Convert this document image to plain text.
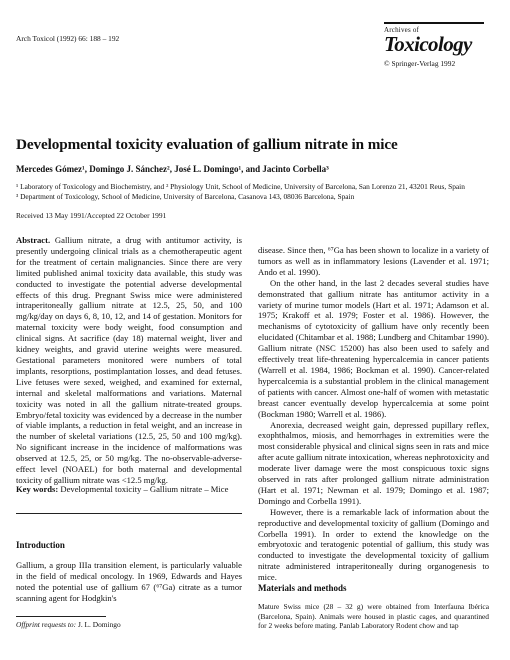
Arch Toxicol (1992) 66: 188 – 192
Archives of
Toxicology
© Springer-Verlag 1992
Developmental toxicity evaluation of gallium nitrate in mice
Mercedes Gómez¹, Domingo J. Sánchez², José L. Domingo¹, and Jacinto Corbella³

¹ Laboratory of Toxicology and Biochemistry, and ² Physiology Unit, School of Medicine, University of Barcelona, San Lorenzo 21, 43201 Reus, Spain

³ Department of Toxicology, School of Medicine, University of Barcelona, Casanova 143, 08036 Barcelona, Spain

Received 13 May 1991/Accepted 22 October 1991

Abstract. Gallium nitrate, a drug with antitumor activity, is presently undergoing clinical trials as a chemotherapeutic agent for the treatment of certain malignancies. Since there are very limited published animal toxicity data available, this study was conducted to investigate the potential adverse developmental effects of this drug. Pregnant Swiss mice were administered intraperitoneally gallium nitrate at 12.5, 25, 50, and 100 mg/kg/day on days 6, 8, 10, 12, and 14 of gestation. Monitors for maternal toxicity were body weight, food consumption and clinical signs. At sacrifice (day 18) maternal weight, liver and kidney weights, and gravid uterine weights were measured. Gestational parameters monitored were numbers of total implants, resorptions, postimplantation losses, and dead fetuses. Live fetuses were sexed, weighed, and examined for external, internal and skeletal malformations and variations. Maternal toxicity was noted in all the gallium nitrate-treated groups. Embryo/fetal toxicity was evidenced by a decrease in the number of viable implants, a reduction in fetal weight, and an increase in the number of skeletal variations (12.5, 25, 50 and 100 mg/kg). No significant increase in the incidence of malformations was observed at 12.5, 25, or 50 mg/kg. The no-observable-adverse-effect level (NOAEL) for both maternal and developmental toxicity of gallium nitrate was <12.5 mg/kg.

Key words: Developmental toxicity – Gallium nitrate – Mice

Introduction
Gallium, a group IIIa transition element, is particularly valuable in the field of medical oncology. In 1969, Edwards and Hayes noted the potential use of gallium 67 (⁶⁷Ga) citrate as a tumor scanning agent for Hodgkin's
Offprint requests to: J. L. Domingo

disease. Since then, ⁶⁷Ga has been shown to localize in a variety of tumors as well as in inflammatory lesions (Lavender et al. 1971; Ando et al. 1990).

On the other hand, in the last 2 decades several studies have demonstrated that gallium nitrate has antitumor activity in a variety of murine tumor models (Hart et al. 1971; Adamson et al. 1975; Krakoff et al. 1979; Foster et al. 1986). However, the mechanisms of cytotoxicity of gallium have only recently been elucidated (Chitambar et al. 1988; Lundberg and Chitambar 1990). Gallium nitrate (NSC 15200) has also been used to safely and effectively treat life-threatening hypercalcemia in cancer patients (Warrell et al. 1984, 1986; Bockman et al. 1990). Cancer-related hypercalcemia is a substantial problem in the clinical management of patients with cancer. Almost one-half of women with metastatic breast cancer eventually develop hypercalcemia at some point (Bockman 1980; Warrell et al. 1986).

Anorexia, decreased weight gain, depressed pupillary reflex, exophthalmos, miosis, and hemorrhages in extremities were the most considerable physical and clinical signs seen in rats and mice after acute gallium nitrate intoxication, whereas nephrotoxicity and moderate liver damage were the most conspicuous toxic signs observed in rats after prolonged gallium nitrate administration (Hart et al. 1971; Newman et al. 1979; Domingo et al. 1987; Domingo and Corbella 1991).

However, there is a remarkable lack of information about the reproductive and developmental toxicity of gallium (Domingo and Corbella 1991). In order to extend the knowledge on the embryotoxic and teratogenic potential of gallium, this study was conducted to investigate the developmental toxicity of gallium nitrate administered intraperitoneally during organogenesis to mice.

Materials and methods
Mature Swiss mice (28 – 32 g) were obtained from Interfauna Ibérica (Barcelona, Spain). Animals were housed in plastic cages, and quarantined for 2 weeks before mating. Panlab Laboratory Rodent chow and tap
